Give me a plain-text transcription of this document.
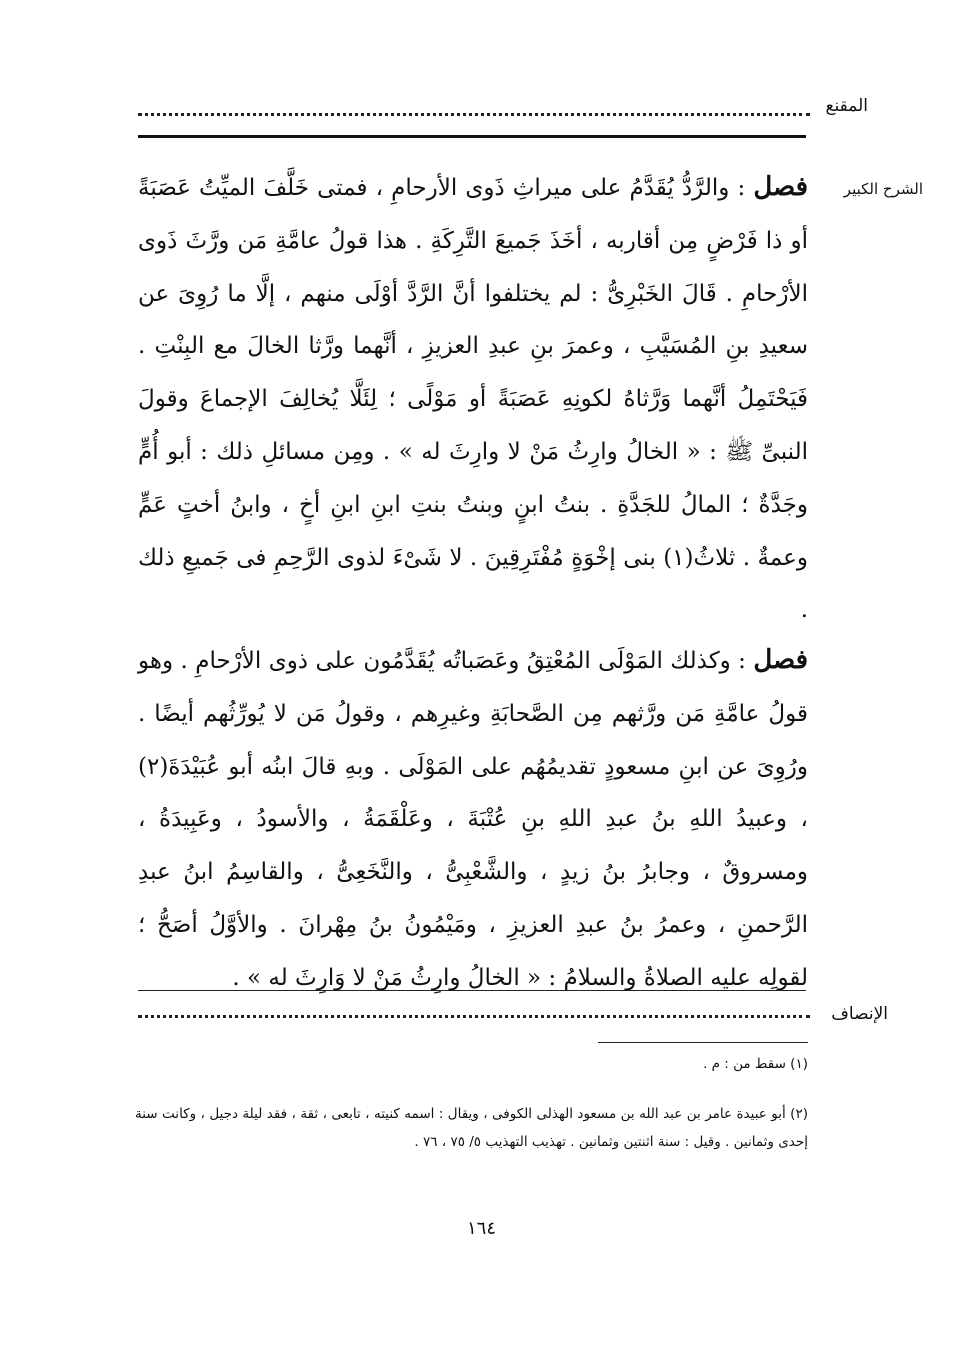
المقنع
الشرح الكبير
فصل : والرَّدُّ يُقَدَّمُ على ميراثِ ذَوى الأرحامِ ، فمتى خَلَّفَ الميِّتُ عَصَبَةً أو ذا فَرْضٍ مِن أقاربه ، أخَذَ جَميعَ التَّرِكَةِ . هذا قولُ عامَّةِ مَن ورَّثَ ذَوى الأرْحامِ . قَالَ الخَبْرِىُّ : لم يختلفوا أنَّ الرَّدَّ أوْلَى منهم ، إلَّا ما رُوِىَ عن سعيدِ بنِ المُسَيَّبِ ، وعمرَ بنِ عبدِ العزيزِ ، أنَّهما ورَّثا الخالَ مع البِنْتِ . فَيَحْتَمِلُ أنَّهما وَرَّثاهُ لكونِهِ عَصَبَةً أو مَوْلًى ؛ لِئَلَّا يُخالِفَ الإجماعَ وقولَ النبىِّ ﷺ : « الخالُ وارِثُ مَنْ لا وارِثَ له » . ومِن مسائلِ ذلك : أبو أُمٍّ وجَدَّةٌ ؛ المالُ للجَدَّةِ . بنتُ ابنٍ وبنتُ بنتِ ابنِ ابنِ أخٍ ، وابنُ أختٍ عَمٍّ وعمةٌ . ثلاثُ(١) بنى إخْوَةٍ مُفْتَرِقِينَ . لا شَىْءَ لذوى الرَّحِمِ فى جَميعِ ذلك .
فصل : وكذلك المَوْلَى المُعْتِقُ وعَصَباتُه يُقَدَّمُون على ذوى الأرْحامِ . وهو قولُ عامَّةِ مَن ورَّثهم مِن الصَّحابَةِ وغيرِهم ، وقولُ مَن لا يُورِّثُهم أيضًا . ورُوِىَ عن ابنِ مسعودٍ تقديمُهُم على المَوْلَى . وبهِ قالَ ابنُه أبو عُبَيْدَةَ(٢) ، وعبيدُ اللهِ بنُ عبدِ اللهِ بنِ عُتْبَةَ ، وعَلْقَمَةُ ، والأسودُ ، وعَبِيدَةُ ، ومسروقٌ ، وجابرُ بنُ زيدٍ ، والشَّعْبِىُّ ، والنَّخَعِىُّ ، والقاسِمُ ابنُ عبدِ الرَّحمنِ ، وعمرُ بنُ عبدِ العزيزِ ، ومَيْمُونُ بنُ مِهْرانَ . والأوَّلُ أصَحُّ ؛ لقولِه عليه الصلاةُ والسلامُ : « الخالُ وارِثُ مَنْ لا وَارِثَ له » .
الإنصاف
(١) سقط من : م .
(٢) أبو عبيدة عامر بن عبد الله بن مسعود الهذلى الكوفى ، ويقال : اسمه كنيته ، تابعى ، ثقة ، فقد ليلة دجيل ، وكانت سنة إحدى وثمانين . وقيل : سنة اثنتين وثمانين . تهذيب التهذيب ٥/ ٧٥ ، ٧٦ .
١٦٤
